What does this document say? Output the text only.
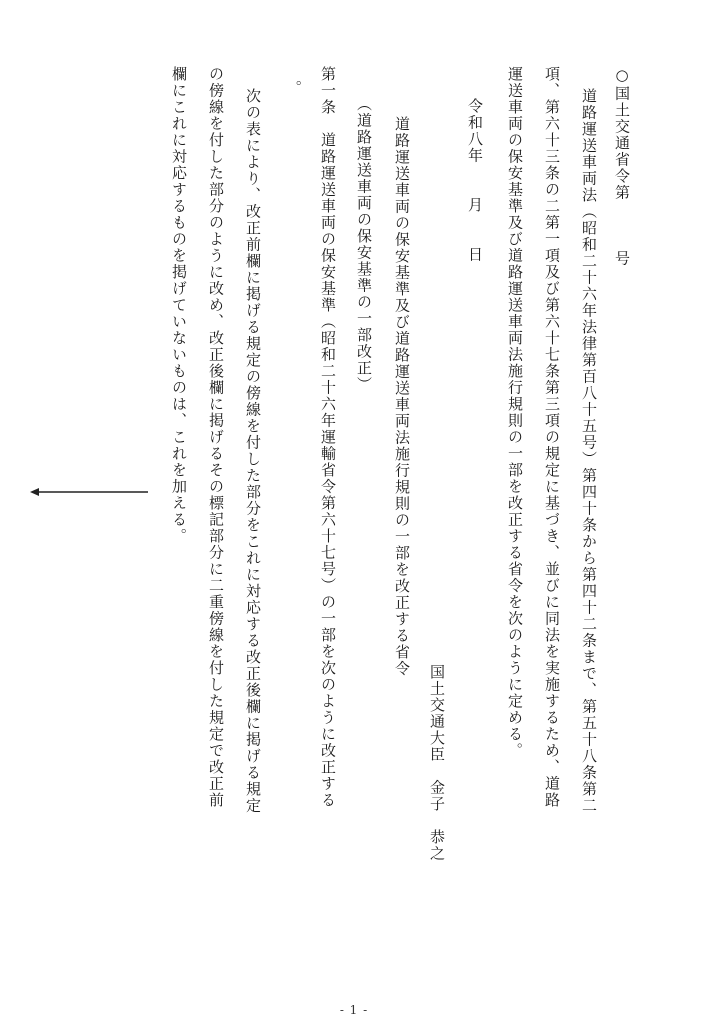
○国土交通省令第　　　号

道路運送車両法（昭和二十六年法律第百八十五号）第四十条から第四十二条まで、第五十八条第二

項、第六十三条の二第一項及び第六十七条第三項の規定に基づき、並びに同法を実施するため、道路

運送車両の保安基準及び道路運送車両法施行規則の一部を改正する省令を次のように定める。

令和八年　　月　　日

国土交通大臣　金子　恭之

道路運送車両の保安基準及び道路運送車両法施行規則の一部を改正する省令

（道路運送車両の保安基準の一部改正）

第一条　道路運送車両の保安基準（昭和二十六年運輸省令第六十七号）の一部を次のように改正する

。

次の表により、改正前欄に掲げる規定の傍線を付した部分をこれに対応する改正後欄に掲げる規定

の傍線を付した部分のように改め、改正後欄に掲げるその標記部分に二重傍線を付した規定で改正前

欄にこれに対応するものを掲げていないものは、これを加える。

- 1 -
